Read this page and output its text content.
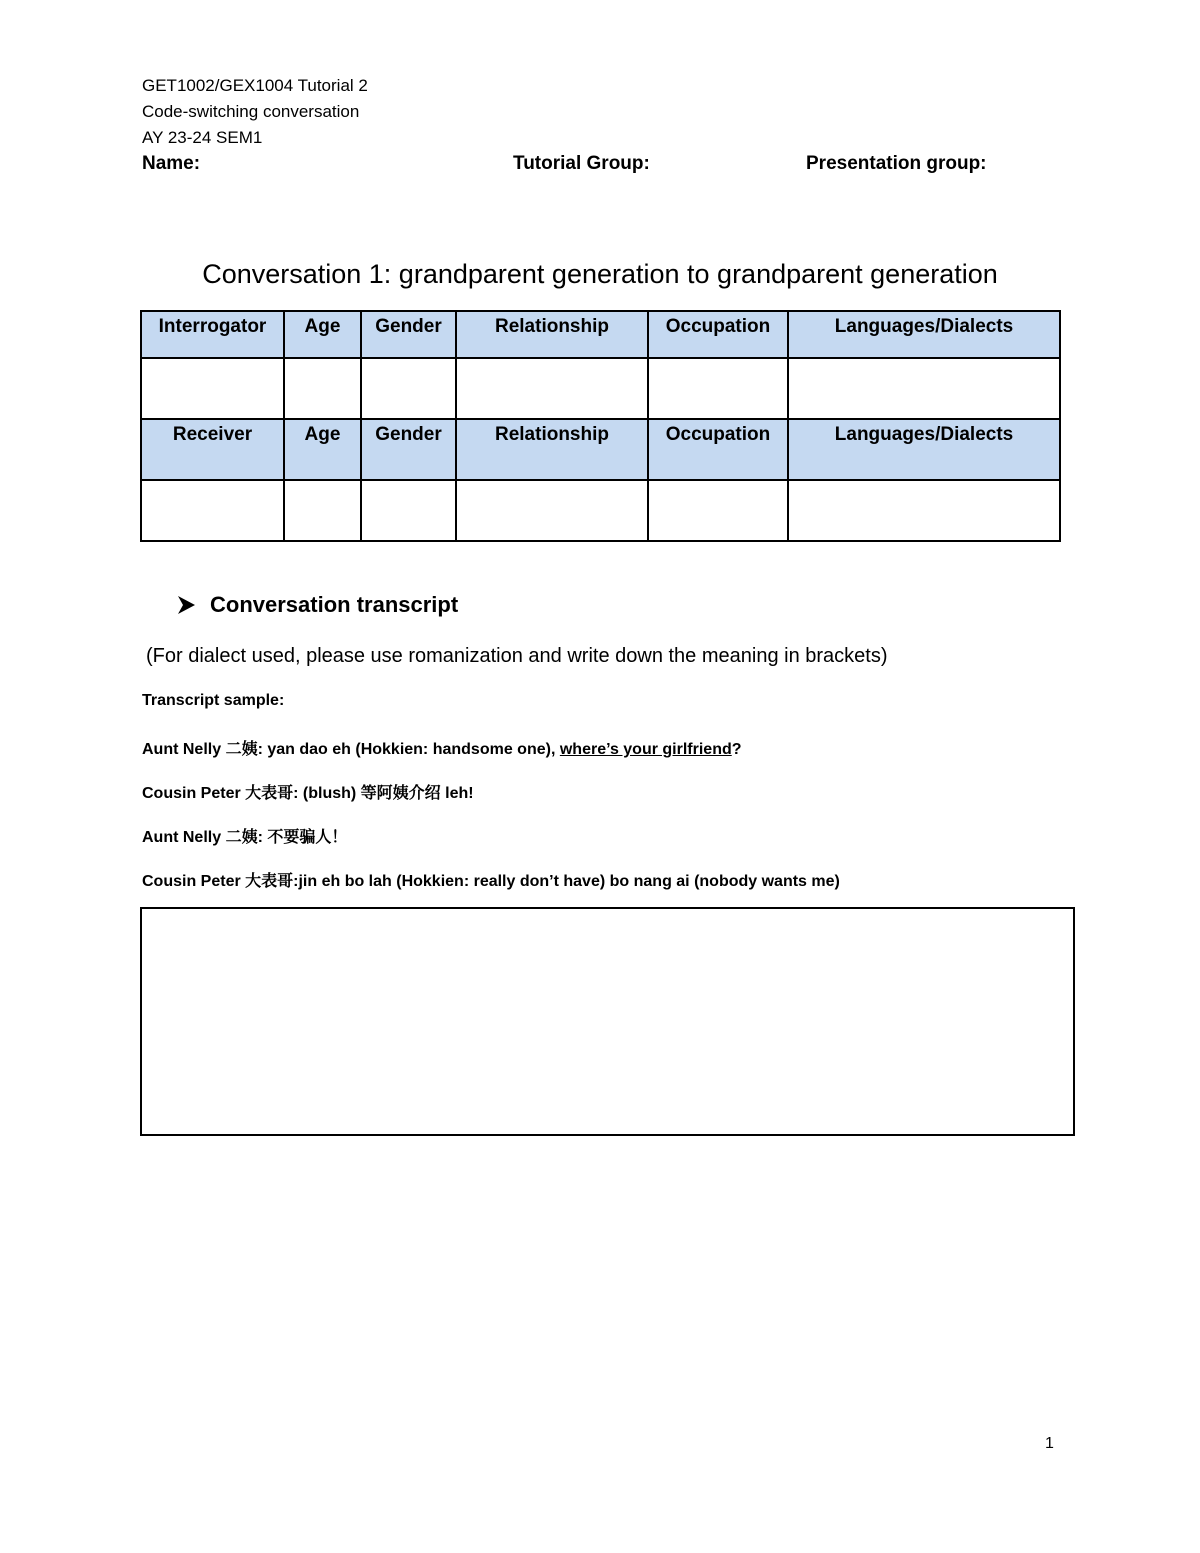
GET1002/GEX1004 Tutorial 2
Code-switching conversation
AY 23-24 SEM1
Name:	Tutorial Group:	Presentation group:
Conversation 1: grandparent generation to grandparent generation
Interrogator	Age	Gender	Relationship	Occupation	Languages/Dialects

Receiver	Age	Gender	Relationship	Occupation	Languages/Dialects

Conversation transcript
(For dialect used, please use romanization and write down the meaning in brackets)
Transcript sample:
Aunt Nelly 二姨: yan dao eh (Hokkien: handsome one), where’s your girlfriend?
Cousin Peter 大表哥: (blush) 等阿姨介绍 leh!
Aunt Nelly 二姨: 不要骗人！
Cousin Peter 大表哥:jin eh bo lah (Hokkien: really don’t have) bo nang ai (nobody wants me)
1
